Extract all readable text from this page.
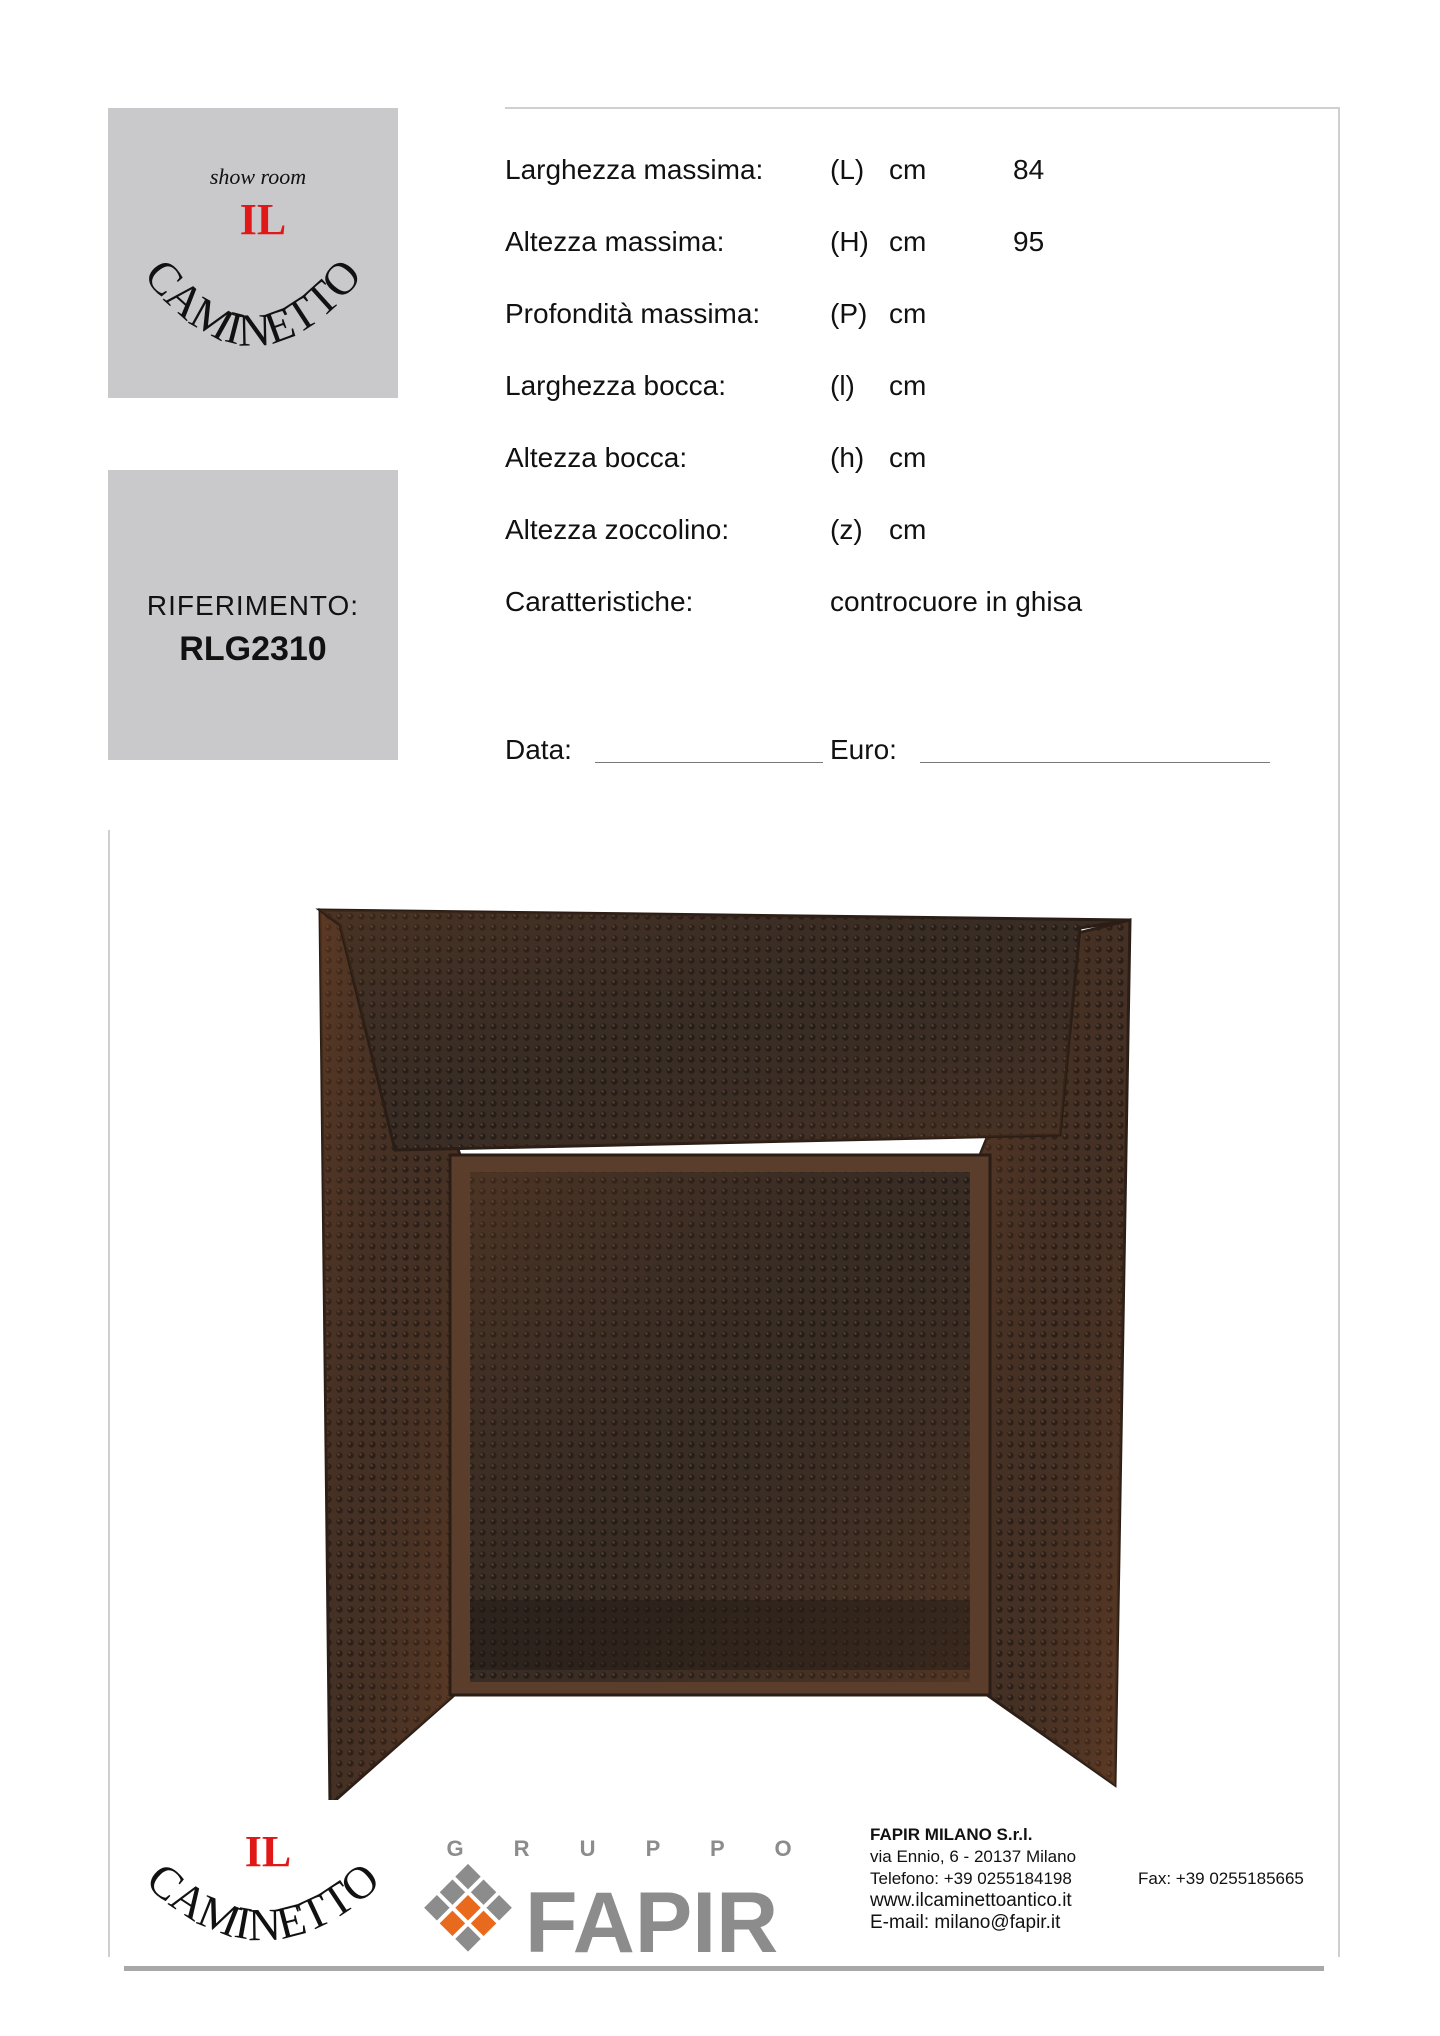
show room
IL
CAMINETTO
RIFERIMENTO:
RLG2310
Larghezza massima: (L) cm	84
Altezza massima:	(H) cm	95
Profondità massima: (P) cm
Larghezza bocca:	(l) cm
Altezza bocca:	(h) cm
Altezza zoccolino:	(z) cm
Caratteristiche:	controcuore in ghisa
Data:	Euro:
IL
CAMINETTO
G R U P P O
FAPIR
FAPIR MILANO S.r.l.
via Ennio, 6 - 20137 Milano
Telefono: +39 0255184198
www.ilcaminettoantico.it
E-mail: milano@fapir.it
Fax: +39 0255185665
